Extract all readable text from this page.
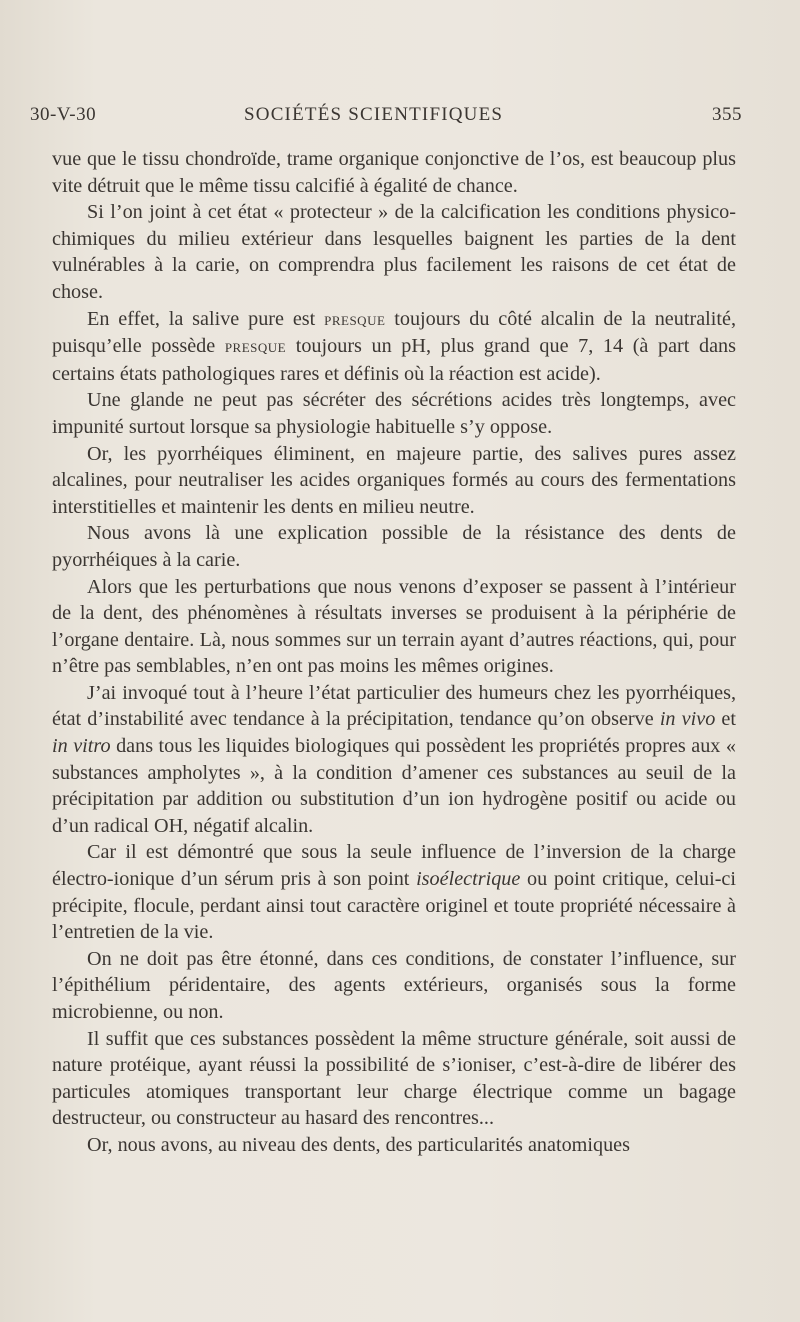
30-V-30	SOCIÉTÉS SCIENTIFIQUES	355

vue que le tissu chondroïde, trame organique conjonctive de l’os, est beaucoup plus vite détruit que le même tissu calcifié à égalité de chance.

Si l’on joint à cet état « protecteur » de la calcification les conditions physico-chimiques du milieu extérieur dans lesquelles baignent les parties de la dent vulnérables à la carie, on comprendra plus facilement les raisons de cet état de chose.

En effet, la salive pure est presque toujours du côté alcalin de la neutralité, puisqu’elle possède presque toujours un pH, plus grand que 7, 14 (à part dans certains états pathologiques rares et définis où la réaction est acide).

Une glande ne peut pas sécréter des sécrétions acides très longtemps, avec impunité surtout lorsque sa physiologie habituelle s’y oppose.

Or, les pyorrhéiques éliminent, en majeure partie, des salives pures assez alcalines, pour neutraliser les acides organiques formés au cours des fermentations interstitielles et maintenir les dents en milieu neutre.

Nous avons là une explication possible de la résistance des dents de pyorrhéiques à la carie.

Alors que les perturbations que nous venons d’exposer se passent à l’intérieur de la dent, des phénomènes à résultats inverses se produisent à la périphérie de l’organe dentaire. Là, nous sommes sur un terrain ayant d’autres réactions, qui, pour n’être pas semblables, n’en ont pas moins les mêmes origines.

J’ai invoqué tout à l’heure l’état particulier des humeurs chez les pyorrhéiques, état d’instabilité avec tendance à la précipitation, tendance qu’on observe in vivo et in vitro dans tous les liquides biologiques qui possèdent les propriétés propres aux « substances ampholytes », à la condition d’amener ces substances au seuil de la précipitation par addition ou substitution d’un ion hydrogène positif ou acide ou d’un radical OH, négatif alcalin.

Car il est démontré que sous la seule influence de l’inversion de la charge électro-ionique d’un sérum pris à son point isoélectrique ou point critique, celui-ci précipite, flocule, perdant ainsi tout caractère originel et toute propriété nécessaire à l’entretien de la vie.

On ne doit pas être étonné, dans ces conditions, de constater l’influence, sur l’épithélium péridentaire, des agents extérieurs, organisés sous la forme microbienne, ou non.

Il suffit que ces substances possèdent la même structure générale, soit aussi de nature protéique, ayant réussi la possibilité de s’ioniser, c’est-à-dire de libérer des particules atomiques transportant leur charge électrique comme un bagage destructeur, ou constructeur au hasard des rencontres...

Or, nous avons, au niveau des dents, des particularités anatomiques
